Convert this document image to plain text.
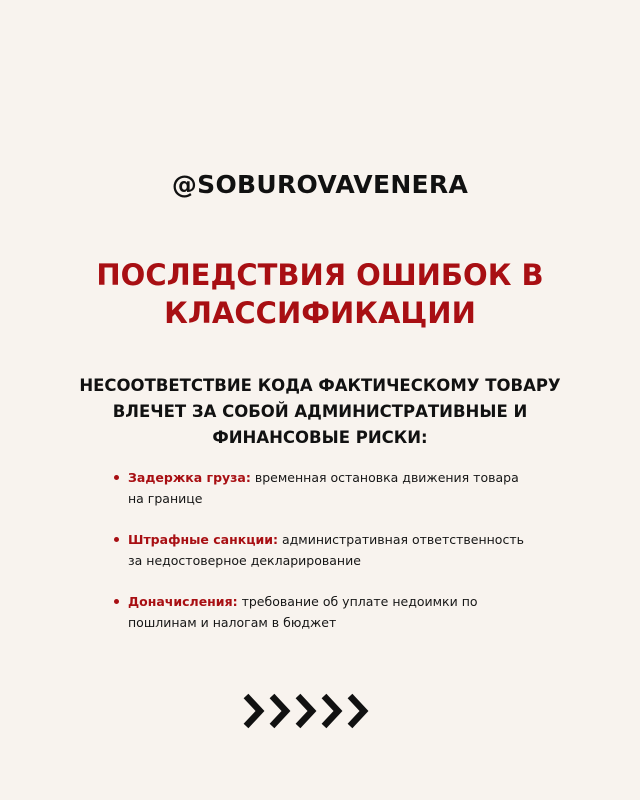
@SOBUROVAVENERA
ПОСЛЕДСТВИЯ ОШИБОК В
КЛАССИФИКАЦИИ
НЕСООТВЕТСТВИЕ КОДА ФАКТИЧЕСКОМУ ТОВАРУ
ВЛЕЧЕТ ЗА СОБОЙ АДМИНИСТРАТИВНЫЕ И
ФИНАНСОВЫЕ РИСКИ:
Задержка груза: временная остановка движения товара
на границе
Штрафные санкции: административная ответственность
за недостоверное декларирование
Доначисления: требование об уплате недоимки по
пошлинам и налогам в бюджет
